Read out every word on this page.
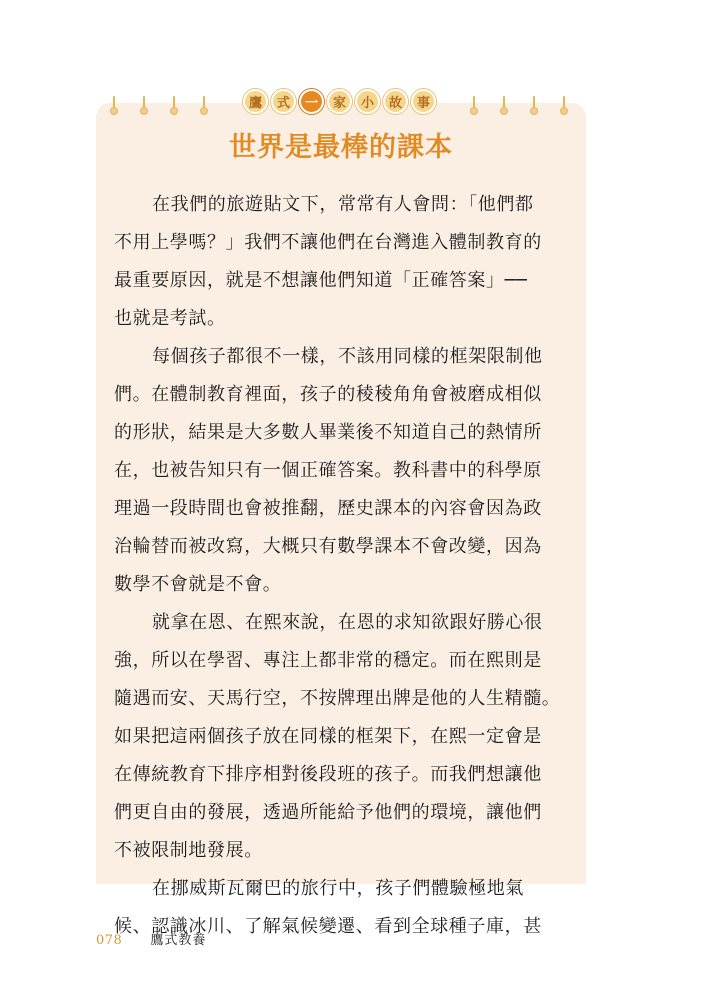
鷹	式	一	家	小	故	事
世界是最棒的課本
在我們的旅遊貼文下，常常有人會問：「他們都
不用上學嗎？」我們不讓他們在台灣進入體制教育的
最重要原因，就是不想讓他們知道「正確答案」──
也就是考試。
每個孩子都很不一樣，不該用同樣的框架限制他
們。在體制教育裡面，孩子的稜稜角角會被磨成相似
的形狀，結果是大多數人畢業後不知道自己的熱情所
在，也被告知只有一個正確答案。教科書中的科學原
理過一段時間也會被推翻，歷史課本的內容會因為政
治輪替而被改寫，大概只有數學課本不會改變，因為
數學不會就是不會。
就拿在恩、在熙來說，在恩的求知欲跟好勝心很
強，所以在學習、專注上都非常的穩定。而在熙則是
隨遇而安、天馬行空，不按牌理出牌是他的人生精髓。
如果把這兩個孩子放在同樣的框架下，在熙一定會是
在傳統教育下排序相對後段班的孩子。而我們想讓他
們更自由的發展，透過所能給予他們的環境，讓他們
不被限制地發展。
在挪威斯瓦爾巴的旅行中，孩子們體驗極地氣
候、認識冰川、了解氣候變遷、看到全球種子庫，甚
078 鷹式教養
